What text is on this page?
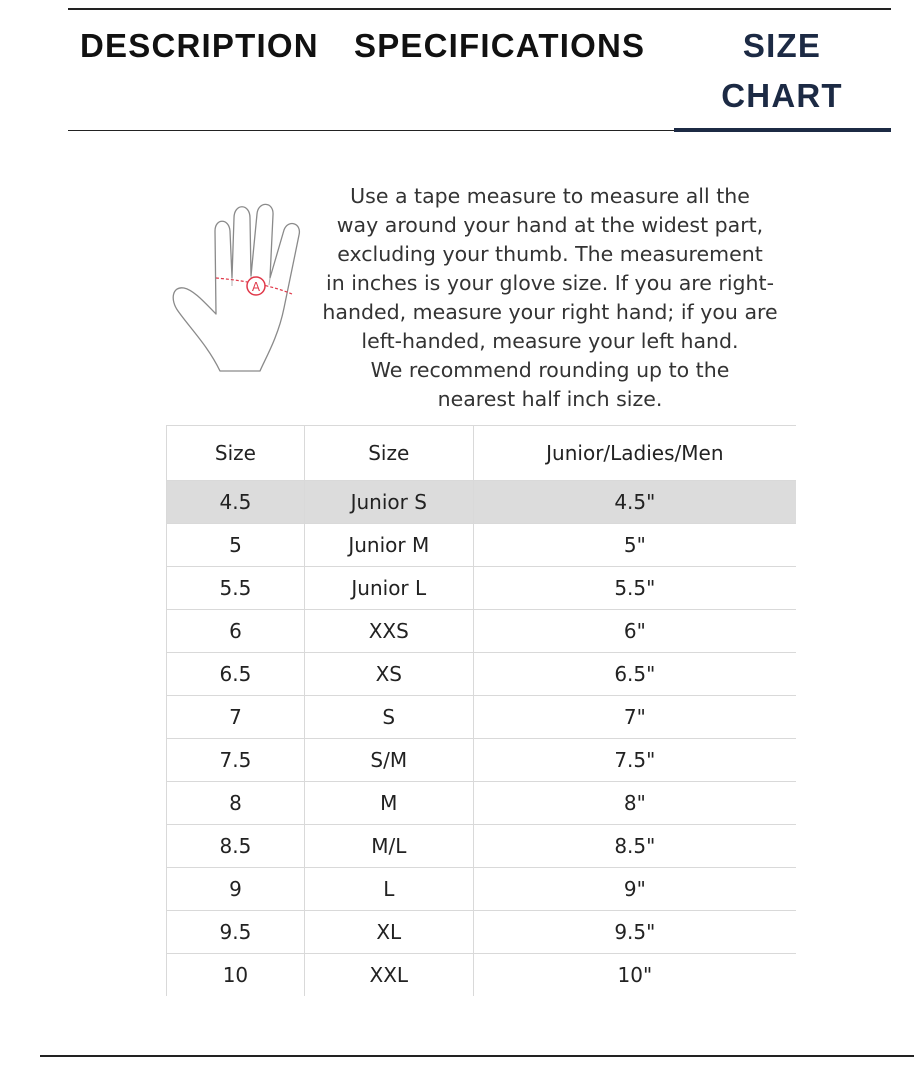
DESCRIPTION SPECIFICATIONS	SIZE
CHART
A
Use a tape measure to measure all the
way around your hand at the widest part,
excluding your thumb. The measurement
in inches is your glove size. If you are right-
handed, measure your right hand; if you are
left-handed, measure your left hand.
We recommend rounding up to the
nearest half inch size.
Size	Size	Junior/Ladies/Men
4.5	Junior S	4.5"
5	Junior M	5"
5.5	Junior L	5.5"
6	XXS	6"
6.5	XS	6.5"
7	S	7"
7.5	S/M	7.5"
8	M	8"
8.5	M/L	8.5"
9	L	9"
9.5	XL	9.5"
10	XXL	10"
